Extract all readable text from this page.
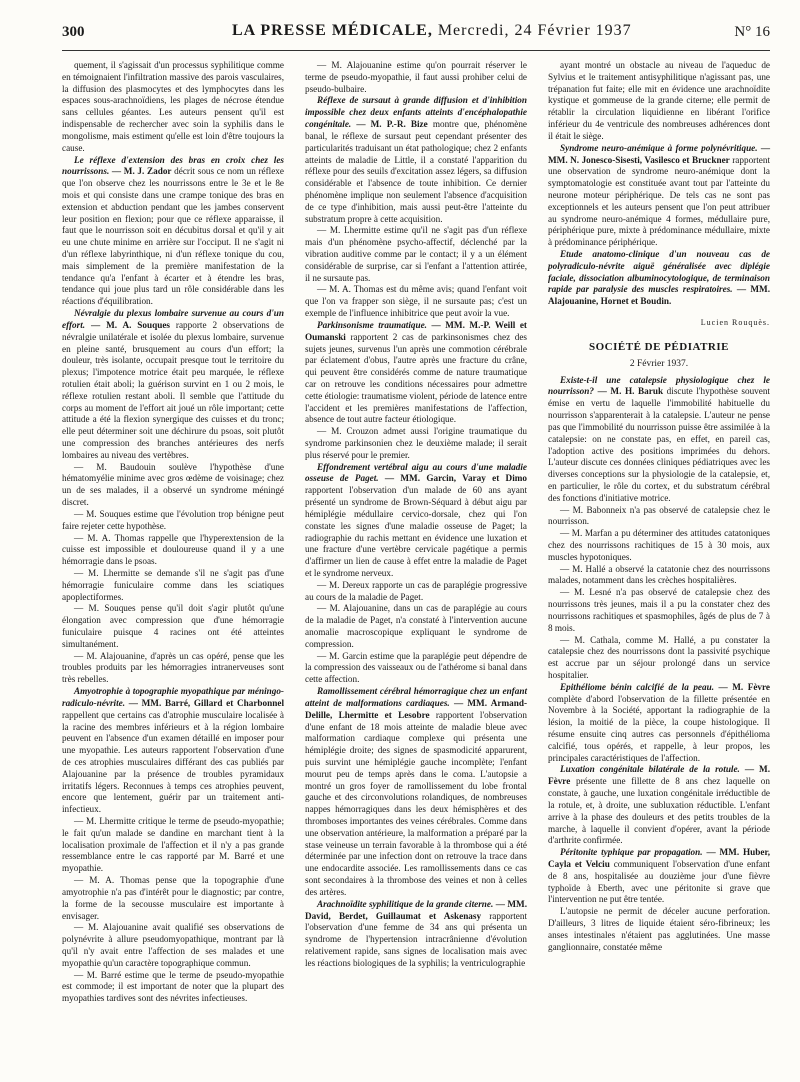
300	LA PRESSE MÉDICALE, Mercredi, 24 Février 1937	N° 16

quement, il s'agissait d'un processus syphilitique comme en témoignaient l'infiltration massive des parois vasculaires, la diffusion des plasmocytes et des lymphocytes dans les espaces sous-arachnoïdiens, les plages de nécrose étendue sans cellules géantes. Les auteurs pensent qu'il est indispensable de rechercher avec soin la syphilis dans le mongolisme, mais estiment qu'elle est loin d'être toujours la cause.

Le réflexe d'extension des bras en croix chez les nourrissons. — M. J. Zador décrit sous ce nom un réflexe que l'on observe chez les nourrissons entre le 3e et le 8e mois et qui consiste dans une crampe tonique des bras en extension et abduction pendant que les jambes conservent leur position en flexion; pour que ce réflexe apparaisse, il faut que le nourrisson soit en décubitus dorsal et qu'il y ait eu une chute minime en arrière sur l'occiput. Il ne s'agit ni d'un réflexe labyrinthique, ni d'un réflexe tonique du cou, mais simplement de la première manifestation de la tendance qu'a l'enfant à écarter et à étendre les bras, tendance qui joue plus tard un rôle considérable dans les réactions d'équilibration.

Névralgie du plexus lombaire survenue au cours d'un effort. — M. A. Souques rapporte 2 observations de névralgie unilatérale et isolée du plexus lombaire, survenue en pleine santé, brusquement au cours d'un effort; la douleur, très isolante, occupait presque tout le territoire du plexus; l'impotence motrice était peu marquée, le réflexe rotulien était aboli; la guérison survint en 1 ou 2 mois, le réflexe rotulien restant aboli. Il semble que l'attitude du corps au moment de l'effort ait joué un rôle important; cette attitude a été la flexion synergique des cuisses et du tronc; elle peut déterminer soit une déchirure du psoas, soit plutôt une compression des branches antérieures des nerfs lombaires au niveau des vertèbres.

— M. Baudouin soulève l'hypothèse d'une hématomyélie minime avec gros œdème de voisinage; chez un de ses malades, il a observé un syndrome méningé discret.

— M. Souques estime que l'évolution trop bénigne peut faire rejeter cette hypothèse.

— M. A. Thomas rappelle que l'hyperextension de la cuisse est impossible et douloureuse quand il y a une hémorragie dans le psoas.

— M. Lhermitte se demande s'il ne s'agit pas d'une hémorragie funiculaire comme dans les sciatiques apoplectiformes.

— M. Souques pense qu'il doit s'agir plutôt qu'une élongation avec compression que d'une hémorragie funiculaire puisque 4 racines ont été atteintes simultanément.

— M. Alajouanine, d'après un cas opéré, pense que les troubles produits par les hémorragies intranerveuses sont très rebelles.

Amyotrophie à topographie myopathique par méningo-radiculo-névrite. — MM. Barré, Gillard et Charbonnel rappellent que certains cas d'atrophie musculaire localisée à la racine des membres inférieurs et à la région lombaire peuvent en l'absence d'un examen détaillé en imposer pour une myopathie. Les auteurs rapportent l'observation d'une de ces atrophies musculaires différant des cas publiés par Alajouanine par la présence de troubles pyramidaux irritatifs légers. Reconnues à temps ces atrophies peuvent, encore que lentement, guérir par un traitement anti-infectieux.

— M. Lhermitte critique le terme de pseudo-myopathie; le fait qu'un malade se dandine en marchant tient à la localisation proximale de l'affection et il n'y a pas grande ressemblance entre le cas rapporté par M. Barré et une myopathie.

— M. A. Thomas pense que la topographie d'une amyotrophie n'a pas d'intérêt pour le diagnostic; par contre, la forme de la secousse musculaire est importante à envisager.

— M. Alajouanine avait qualifié ses observations de polynévrite à allure pseudomyopathique, montrant par là qu'il n'y avait entre l'affection de ses malades et une myopathie qu'un caractère topographique commun.

— M. Barré estime que le terme de pseudo-myopathie est commode; il est important de noter que la plupart des myopathies tardives sont des névrites infectieuses.

— M. Alajouanine estime qu'on pourrait réserver le terme de pseudo-myopathie, il faut aussi prohiber celui de pseudo-bulbaire.

Réflexe de sursaut à grande diffusion et d'inhibition impossible chez deux enfants atteints d'encéphalopathie congénitale. — M. P.-R. Bize montre que, phénomène banal, le réflexe de sursaut peut cependant présenter des particularités traduisant un état pathologique; chez 2 enfants atteints de maladie de Little, il a constaté l'apparition du réflexe pour des seuils d'excitation assez légers, sa diffusion considérable et l'absence de toute inhibition. Ce dernier phénomène implique non seulement l'absence d'acquisition de ce type d'inhibition, mais aussi peut-être l'atteinte du substratum propre à cette acquisition.

— M. Lhermitte estime qu'il ne s'agit pas d'un réflexe mais d'un phénomène psycho-affectif, déclenché par la vibration auditive comme par le contact; il y a un élément considérable de surprise, car si l'enfant a l'attention attirée, il ne sursaute pas.

— M. A. Thomas est du même avis; quand l'enfant voit que l'on va frapper son siège, il ne sursaute pas; c'est un exemple de l'influence inhibitrice que peut avoir la vue.

Parkinsonisme traumatique. — MM. M.-P. Weill et Oumanski rapportent 2 cas de parkinsonismes chez des sujets jeunes, survenus l'un après une commotion cérébrale par éclatement d'obus, l'autre après une fracture du crâne, qui peuvent être considérés comme de nature traumatique car on retrouve les conditions nécessaires pour admettre cette étiologie: traumatisme violent, période de latence entre l'accident et les premières manifestations de l'affection, absence de tout autre facteur étiologique.

— M. Crouzon admet aussi l'origine traumatique du syndrome parkinsonien chez le deuxième malade; il serait plus réservé pour le premier.

Effondrement vertébral aigu au cours d'une maladie osseuse de Paget. — MM. Garcin, Varay et Dimo rapportent l'observation d'un malade de 60 ans ayant présenté un syndrome de Brown-Séquard à début aigu par hémiplégie médullaire cervico-dorsale, chez qui l'on constate les signes d'une maladie osseuse de Paget; la radiographie du rachis mettant en évidence une luxation et une fracture d'une vertèbre cervicale pagétique a permis d'affirmer un lien de cause à effet entre la maladie de Paget et le syndrome nerveux.

— M. Dereux rapporte un cas de paraplégie progressive au cours de la maladie de Paget.

— M. Alajouanine, dans un cas de paraplégie au cours de la maladie de Paget, n'a constaté à l'intervention aucune anomalie macroscopique expliquant le syndrome de compression.

— M. Garcin estime que la paraplégie peut dépendre de la compression des vaisseaux ou de l'athérome si banal dans cette affection.

Ramollissement cérébral hémorragique chez un enfant atteint de malformations cardiaques. — MM. Armand-Delille, Lhermitte et Lesobre rapportent l'observation d'une enfant de 18 mois atteinte de maladie bleue avec malformation cardiaque complexe qui présenta une hémiplégie droite; des signes de spasmodicité apparurent, puis survint une hémiplégie gauche incomplète; l'enfant mourut peu de temps après dans le coma. L'autopsie a montré un gros foyer de ramollissement du lobe frontal gauche et des circonvolutions rolandiques, de nombreuses nappes hémorragiques dans les deux hémisphères et des thromboses importantes des veines cérébrales. Comme dans une observation antérieure, la malformation a préparé par la stase veineuse un terrain favorable à la thrombose qui a été déterminée par une infection dont on retrouve la trace dans une endocardite associée. Les ramollissements dans ce cas sont secondaires à la thrombose des veines et non à celles des artères.

Arachnoïdite syphilitique de la grande citerne. — MM. David, Berdet, Guillaumat et Askenasy rapportent l'observation d'une femme de 34 ans qui présenta un syndrome de l'hypertension intracrânienne d'évolution relativement rapide, sans signes de localisation mais avec les réactions biologiques de la syphilis; la ventriculographie

ayant montré un obstacle au niveau de l'aqueduc de Sylvius et le traitement antisyphilitique n'agissant pas, une trépanation fut faite; elle mit en évidence une arachnoïdite kystique et gommeuse de la grande citerne; elle permit de rétablir la circulation liquidienne en libérant l'orifice inférieur du 4e ventricule des nombreuses adhérences dont il était le siège.

Syndrome neuro-anémique à forme polynévritique. — MM. N. Jonesco-Sisesti, Vasilesco et Bruckner rapportent une observation de syndrome neuro-anémique dont la symptomatologie est constituée avant tout par l'atteinte du neurone moteur périphérique. De tels cas ne sont pas exceptionnels et les auteurs pensent que l'on peut attribuer au syndrome neuro-anémique 4 formes, médullaire pure, périphérique pure, mixte à prédominance médullaire, mixte à prédominance périphérique.

Etude anatomo-clinique d'un nouveau cas de polyradiculo-névrite aiguë généralisée avec diplégie faciale, dissociation albuminocytologique, de terminaison rapide par paralysie des muscles respiratoires. — MM. Alajouanine, Hornet et Boudin.

Lucien Rouquès.
SOCIÉTÉ DE PÉDIATRIE
2 Février 1937.

Existe-t-il une catalepsie physiologique chez le nourrisson? — M. H. Baruk discute l'hypothèse souvent émise en vertu de laquelle l'immobilité habituelle du nourrisson s'apparenterait à la catalepsie. L'auteur ne pense pas que l'immobilité du nourrisson puisse être assimilée à la catalepsie: on ne constate pas, en effet, en pareil cas, l'adoption active des positions imprimées du dehors. L'auteur discute ces données cliniques pédiatriques avec les diverses conceptions sur la physiologie de la catalepsie, et, en particulier, le rôle du cortex, et du substratum cérébral des fonctions d'initiative motrice.

— M. Babonneix n'a pas observé de catalepsie chez le nourrisson.

— M. Marfan a pu déterminer des attitudes catatoniques chez des nourrissons rachitiques de 15 à 30 mois, aux muscles hypotoniques.

— M. Hallé a observé la catatonie chez des nourrissons malades, notamment dans les crèches hospitalières.

— M. Lesné n'a pas observé de catalepsie chez des nourrissons très jeunes, mais il a pu la constater chez des nourrissons rachitiques et spasmophiles, âgés de plus de 7 à 8 mois.

— M. Cathala, comme M. Hallé, a pu constater la catalepsie chez des nourrissons dont la passivité psychique est accrue par un séjour prolongé dans un service hospitalier.

Epithéliome bénin calcifié de la peau. — M. Fèvre complète d'abord l'observation de la fillette présentée en Novembre à la Société, apportant la radiographie de la lésion, la moitié de la pièce, la coupe histologique. Il résume ensuite cinq autres cas personnels d'épithélioma calcifié, tous opérés, et rappelle, à leur propos, les principales caractéristiques de l'affection.

Luxation congénitale bilatérale de la rotule. — M. Fèvre présente une fillette de 8 ans chez laquelle on constate, à gauche, une luxation congénitale irréductible de la rotule, et, à droite, une subluxation réductible. L'enfant arrive à la phase des douleurs et des petits troubles de la marche, à laquelle il convient d'opérer, avant la période d'arthrite confirmée.

Péritonite typhique par propagation. — MM. Huber, Cayla et Velciu communiquent l'observation d'une enfant de 8 ans, hospitalisée au douzième jour d'une fièvre typhoïde à Eberth, avec une péritonite si grave que l'intervention ne put être tentée.

L'autopsie ne permit de déceler aucune perforation. D'ailleurs, 3 litres de liquide étaient séro-fibrineux; les anses intestinales n'étaient pas agglutinées. Une masse ganglionnaire, constatée même
